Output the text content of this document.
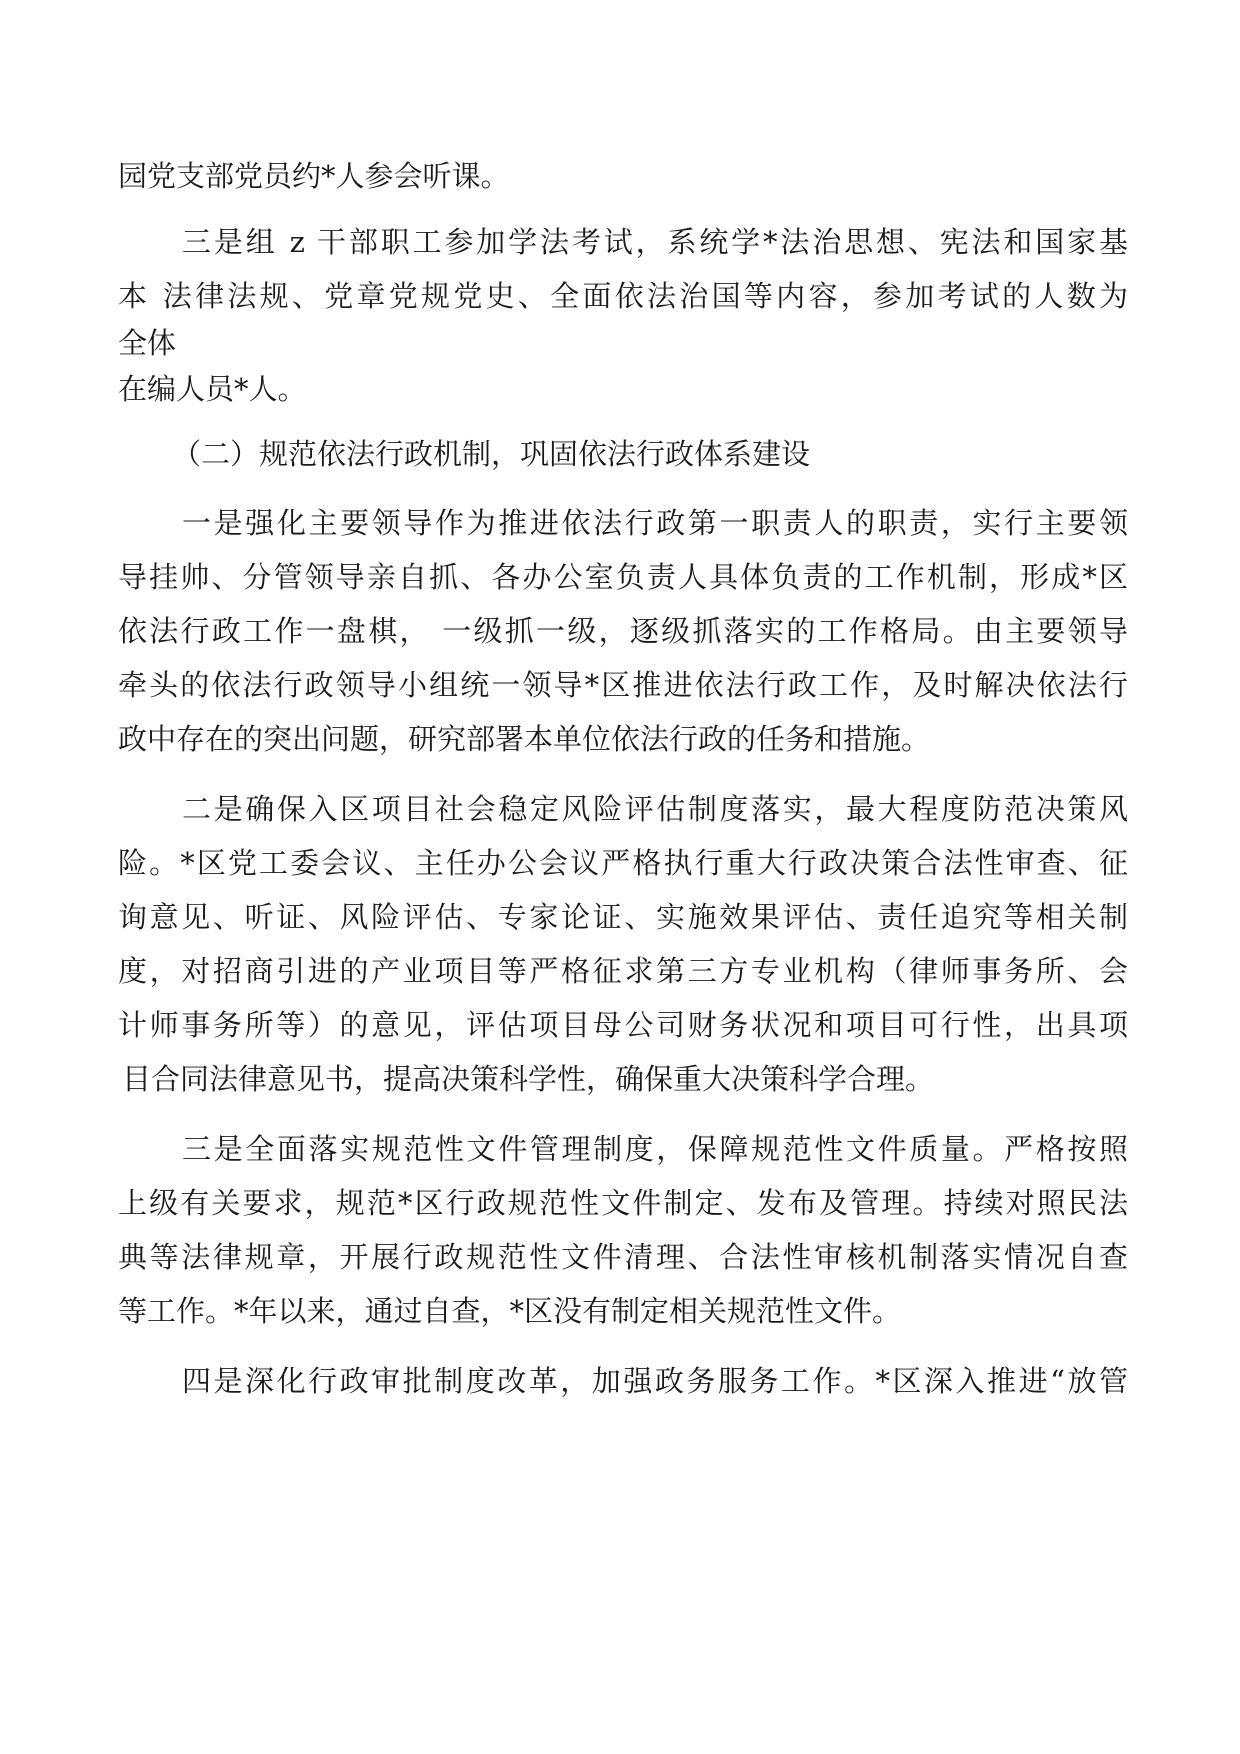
园党支部党员约*人参会听课。
三是组 z 干部职工参加学法考试，系统学*法治思想、宪法和国家基
本 法律法规、党章党规党史、全面依法治国等内容，参加考试的人数为
全体
在编人员*人。
（二）规范依法行政机制，巩固依法行政体系建设
一是强化主要领导作为推进依法行政第一职责人的职责，实行主要领
导挂帅、分管领导亲自抓、各办公室负责人具体负责的工作机制，形成*区
依法行政工作一盘棋， 一级抓一级，逐级抓落实的工作格局。由主要领导
牵头的依法行政领导小组统一领导*区推进依法行政工作，及时解决依法行
政中存在的突出问题，研究部署本单位依法行政的任务和措施。
二是确保入区项目社会稳定风险评估制度落实，最大程度防范决策风
险。*区党工委会议、主任办公会议严格执行重大行政决策合法性审查、征
询意见、听证、风险评估、专家论证、实施效果评估、责任追究等相关制
度，对招商引进的产业项目等严格征求第三方专业机构（律师事务所、会
计师事务所等）的意见，评估项目母公司财务状况和项目可行性，出具项
目合同法律意见书，提高决策科学性，确保重大决策科学合理。
三是全面落实规范性文件管理制度，保障规范性文件质量。严格按照
上级有关要求，规范*区行政规范性文件制定、发布及管理。持续对照民法
典等法律规章，开展行政规范性文件清理、合法性审核机制落实情况自查
等工作。*年以来，通过自查，*区没有制定相关规范性文件。
四是深化行政审批制度改革，加强政务服务工作。*区深入推进“放管
